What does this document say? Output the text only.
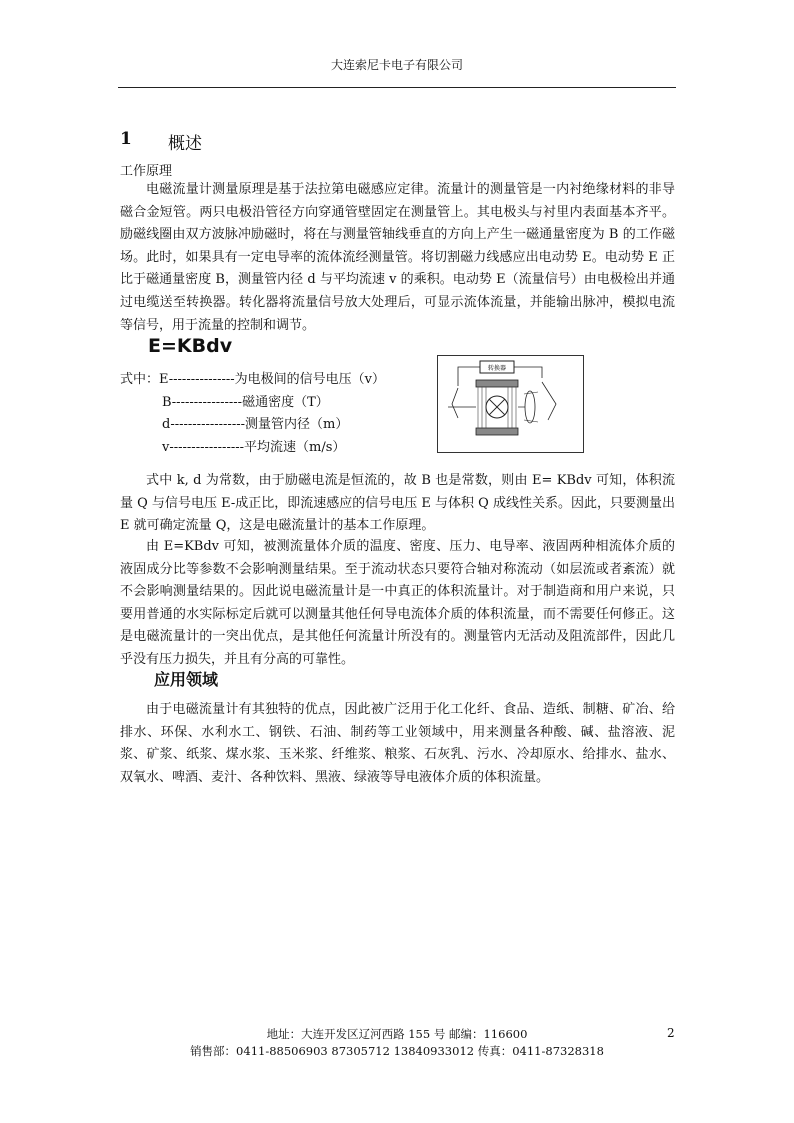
大连索尼卡电子有限公司
1 概述
工作原理

电磁流量计测量原理是基于法拉第电磁感应定律。流量计的测量管是一内衬绝缘材料的非导磁合金短管。两只电极沿管径方向穿通管壁固定在测量管上。其电极头与衬里内表面基本齐平。励磁线圈由双方波脉冲励磁时，将在与测量管轴线垂直的方向上产生一磁通量密度为 B 的工作磁场。此时，如果具有一定电导率的流体流经测量管。将切割磁力线感应出电动势 E。电动势 E 正比于磁通量密度 B，测量管内径 d 与平均流速 v 的乘积。电动势 E（流量信号）由电极检出并通过电缆送至转换器。转化器将流量信号放大处理后，可显示流体流量，并能输出脉冲，模拟电流等信号，用于流量的控制和调节。

E=KBdv
式中：E---------------为电极间的信号电压（v）
B----------------磁通密度（T）
d-----------------测量管内径（m）
v-----------------平均流速（m/s）
转换器

式中 k, d 为常数，由于励磁电流是恒流的，故 B 也是常数，则由 E= KBdv 可知，体积流量 Q 与信号电压 E-成正比，即流速感应的信号电压 E 与体积 Q 成线性关系。因此，只要测量出 E 就可确定流量 Q，这是电磁流量计的基本工作原理。

由 E=KBdv 可知，被测流量体介质的温度、密度、压力、电导率、液固两种相流体介质的液固成分比等参数不会影响测量结果。至于流动状态只要符合轴对称流动（如层流或者紊流）就不会影响测量结果的。因此说电磁流量计是一中真正的体积流量计。对于制造商和用户来说，只要用普通的水实际标定后就可以测量其他任何导电流体介质的体积流量，而不需要任何修正。这是电磁流量计的一突出优点，是其他任何流量计所没有的。测量管内无活动及阻流部件，因此几乎没有压力损失，并且有分高的可靠性。

应用领域

由于电磁流量计有其独特的优点，因此被广泛用于化工化纤、食品、造纸、制糖、矿冶、给排水、环保、水利水工、钢铁、石油、制药等工业领域中，用来测量各种酸、碱、盐溶液、泥浆、矿浆、纸浆、煤水浆、玉米浆、纤维浆、粮浆、石灰乳、污水、冷却原水、给排水、盐水、双氧水、啤酒、麦汁、各种饮料、黑液、绿液等导电液体介质的体积流量。

地址：大连开发区辽河西路 155 号 邮编：116600	2
销售部：0411-88506903 87305712 13840933012 传真：0411-87328318
